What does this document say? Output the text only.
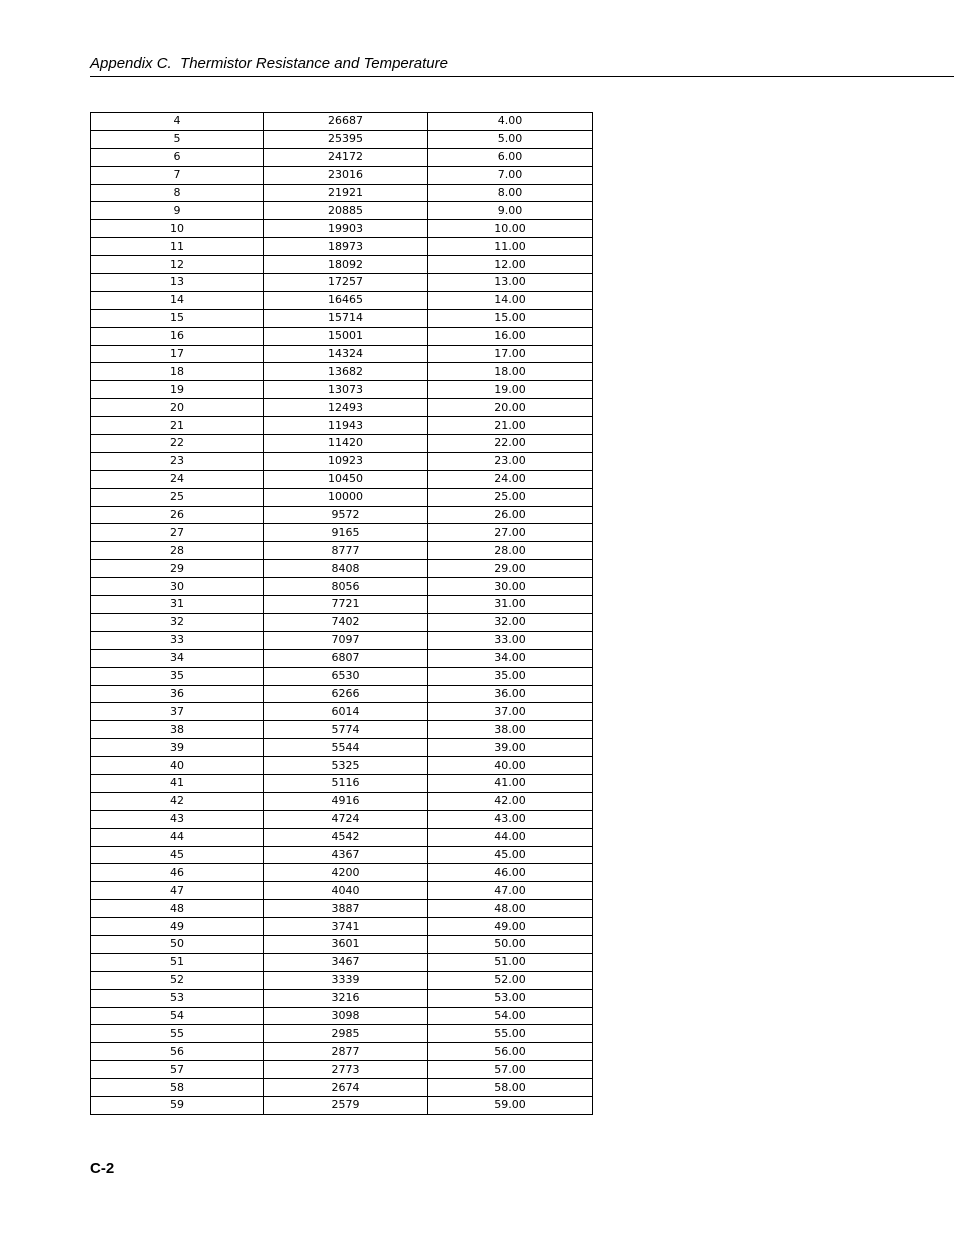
Appendix C.  Thermistor Resistance and Temperature
4	26687	4.00
5	25395	5.00
6	24172	6.00
7	23016	7.00
8	21921	8.00
9	20885	9.00
10	19903	10.00
11	18973	11.00
12	18092	12.00
13	17257	13.00
14	16465	14.00
15	15714	15.00
16	15001	16.00
17	14324	17.00
18	13682	18.00
19	13073	19.00
20	12493	20.00
21	11943	21.00
22	11420	22.00
23	10923	23.00
24	10450	24.00
25	10000	25.00
26	9572	26.00
27	9165	27.00
28	8777	28.00
29	8408	29.00
30	8056	30.00
31	7721	31.00
32	7402	32.00
33	7097	33.00
34	6807	34.00
35	6530	35.00
36	6266	36.00
37	6014	37.00
38	5774	38.00
39	5544	39.00
40	5325	40.00
41	5116	41.00
42	4916	42.00
43	4724	43.00
44	4542	44.00
45	4367	45.00
46	4200	46.00
47	4040	47.00
48	3887	48.00
49	3741	49.00
50	3601	50.00
51	3467	51.00
52	3339	52.00
53	3216	53.00
54	3098	54.00
55	2985	55.00
56	2877	56.00
57	2773	57.00
58	2674	58.00
59	2579	59.00
C-2
